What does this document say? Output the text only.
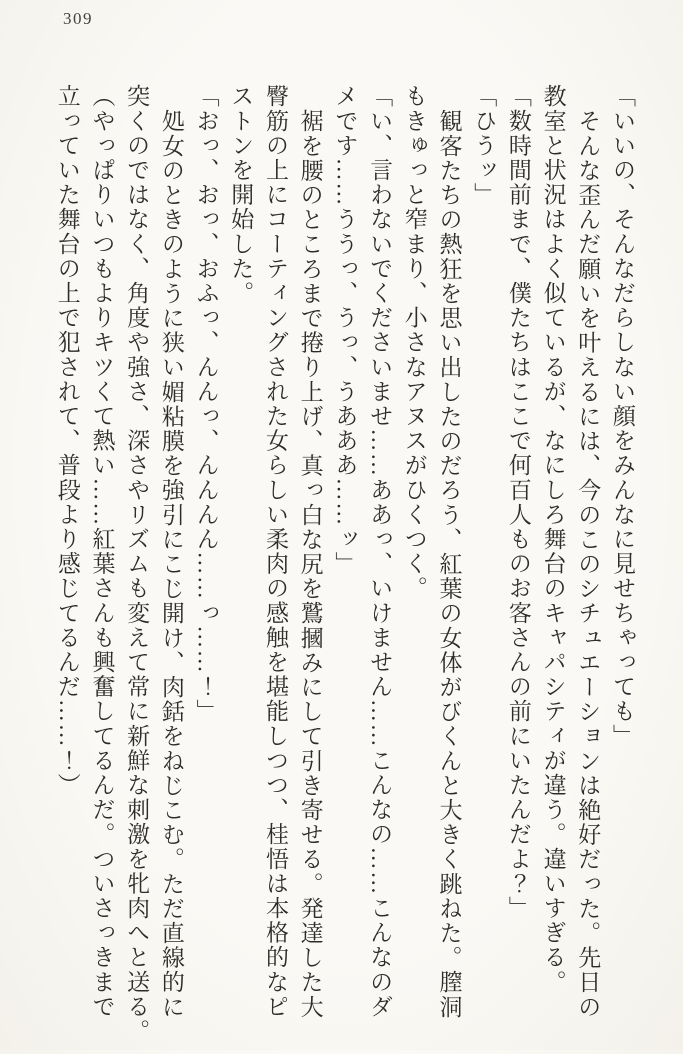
309

「いいの、そんなだらしない顔をみんなに見せちゃっても」

そんな歪んだ願いを叶えるには、今のこのシチュエーションは絶好だった。先日の

教室と状況はよく似ているが、なにしろ舞台のキャパシティが違う。違いすぎる。

「数時間前まで、僕たちはここで何百人ものお客さんの前にいたんだよ？」

「ひうッ」

観客たちの熱狂を思い出したのだろう、紅葉の女体がびくんと大きく跳ねた。膣洞

もきゅっと窄まり、小さなアヌスがひくつく。

「い、言わないでくださいませ……ああっ、いけません……こんなの……こんなのダ

メです……ううっ、うっ、うあああ……ッ」

裾を腰のところまで捲り上げ、真っ白な尻を鷲摑みにして引き寄せる。発達した大

臀筋の上にコーティングされた女らしい柔肉の感触を堪能しつつ、桂悟は本格的なピ

ストンを開始した。

「おっ、おっ、おふっ、んんっ、んんんん……っ……！」

処女のときのように狭い媚粘膜を強引にこじ開け、肉銛をねじこむ。ただ直線的に

突くのではなく、角度や強さ、深さやリズムも変えて常に新鮮な刺激を牝肉へと送る。

（やっぱりいつもよりキツくて熱い……紅葉さんも興奮してるんだ。ついさっきまで

立っていた舞台の上で犯されて、普段より感じてるんだ……！）
